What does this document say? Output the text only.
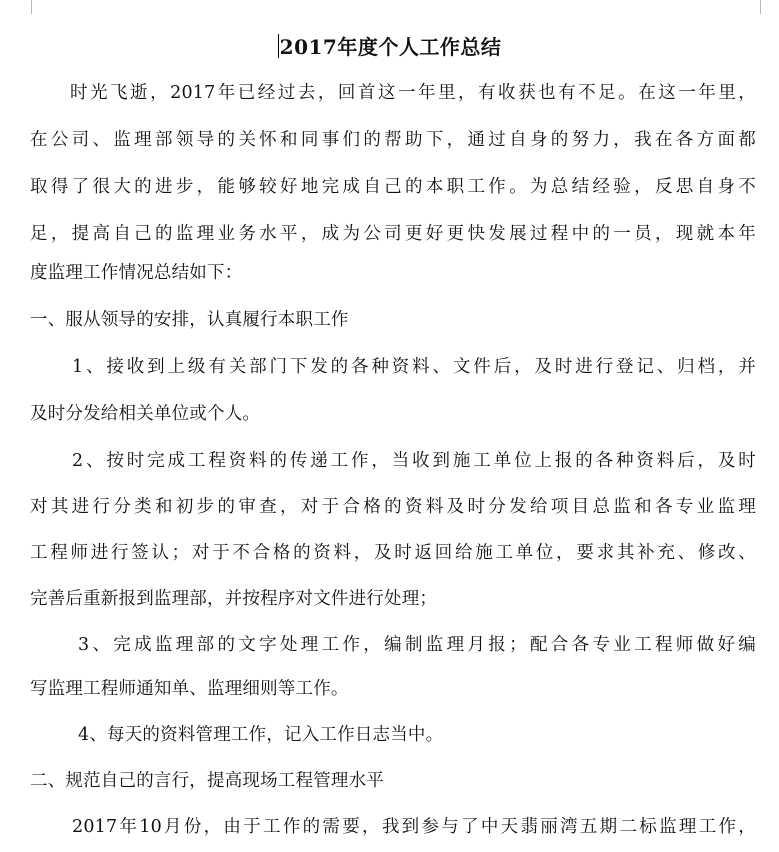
2017年度个人工作总结
时光飞逝，2017年已经过去，回首这一年里，有收获也有不足。在这一年里，
在公司、监理部领导的关怀和同事们的帮助下，通过自身的努力，我在各方面都
取得了很大的进步，能够较好地完成自己的本职工作。为总结经验，反思自身不
足，提高自己的监理业务水平，成为公司更好更快发展过程中的一员，现就本年
度监理工作情况总结如下：
一、服从领导的安排，认真履行本职工作
1、接收到上级有关部门下发的各种资料、文件后，及时进行登记、归档，并
及时分发给相关单位或个人。
2、按时完成工程资料的传递工作，当收到施工单位上报的各种资料后，及时
对其进行分类和初步的审查，对于合格的资料及时分发给项目总监和各专业监理
工程师进行签认；对于不合格的资料，及时返回给施工单位，要求其补充、修改、
完善后重新报到监理部，并按程序对文件进行处理；
3、完成监理部的文字处理工作，编制监理月报；配合各专业工程师做好编
写监理工程师通知单、监理细则等工作。
4、每天的资料管理工作，记入工作日志当中。
二、规范自己的言行，提高现场工程管理水平
2017年10月份，由于工作的需要，我到参与了中天翡丽湾五期二标监理工作，
